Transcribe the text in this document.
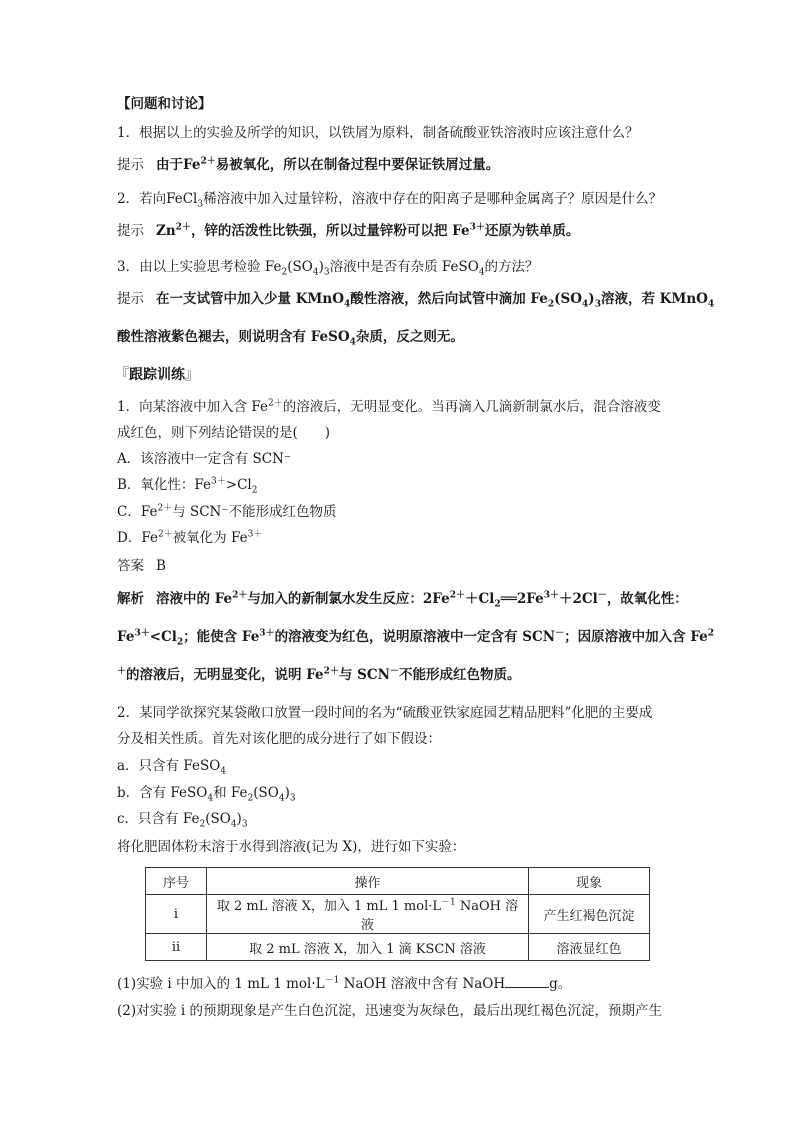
【问题和讨论】
1．根据以上的实验及所学的知识，以铁屑为原料，制备硫酸亚铁溶液时应该注意什么？
提示 由于$Fe^{2+}$易被氧化，所以在制备过程中要保证铁屑过量。
2．若向FeCl$_3$稀溶液中加入过量锌粉，溶液中存在的阳离子是哪种金属离子？原因是什么？
提示 $Zn^{2+}$，锌的活泼性比铁强，所以过量锌粉可以把 $Fe^{3+}$还原为铁单质。
3．由以上实验思考检验 $Fe_2(SO_4)_3$溶液中是否有杂质 FeSO$_4$的方法？
提示 在一支试管中加入少量 KMnO$_4$酸性溶液，然后向试管中滴加 $Fe_2(SO_4)_3$溶液，若 KMnO$_4$
酸性溶液紫色褪去，则说明含有 FeSO$_4$杂质，反之则无。
『跟踪训练』
1．向某溶液中加入含 $Fe^{2+}$的溶液后，无明显变化。当再滴入几滴新制氯水后，混合溶液变
成红色，则下列结论错误的是(　　)
A．该溶液中一定含有 SCN⁻
B．氧化性：$Fe^{3+}>Cl_2$
C．$Fe^{2+}$与 SCN⁻不能形成红色物质
D．$Fe^{2+}$被氧化为 $Fe^{3+}$
答案 B
解析 溶液中的 $Fe^{2+}$与加入的新制氯水发生反应：$2Fe^{2+}+Cl_2══2Fe^{3+}+2Cl^-$，故氧化性：
$Fe^{3+}<Cl_2$；能使含 $Fe^{3+}$的溶液变为红色，说明原溶液中一定含有 SCN－；因原溶液中加入含 Fe$^2$
＋的溶液后，无明显变化，说明 $Fe^{2+}$与 SCN－不能形成红色物质。
2．某同学欲探究某袋敞口放置一段时间的名为“硫酸亚铁家庭园艺精品肥料”化肥的主要成
分及相关性质。首先对该化肥的成分进行了如下假设：
a．只含有 FeSO$_4$
b．含有 FeSO$_4$和 $Fe_2(SO_4)_3$
c．只含有 $Fe_2(SO_4)_3$
将化肥固体粉末溶于水得到溶液(记为 X)，进行如下实验：
序号	操作	现象
i	取 2 mL 溶液 X，加入 1 mL 1 $mol\cdot L^{-1}$ NaOH 溶液	产生红褐色沉淀
ii	取 2 mL 溶液 X，加入 1 滴 KSCN 溶液	溶液显红色
(1)实验 i 中加入的 1 mL 1 $mol\cdot L^{-1}$ NaOH 溶液中含有 NaOH	g。
(2)对实验 i 的预期现象是产生白色沉淀，迅速变为灰绿色，最后出现红褐色沉淀，预期产生
